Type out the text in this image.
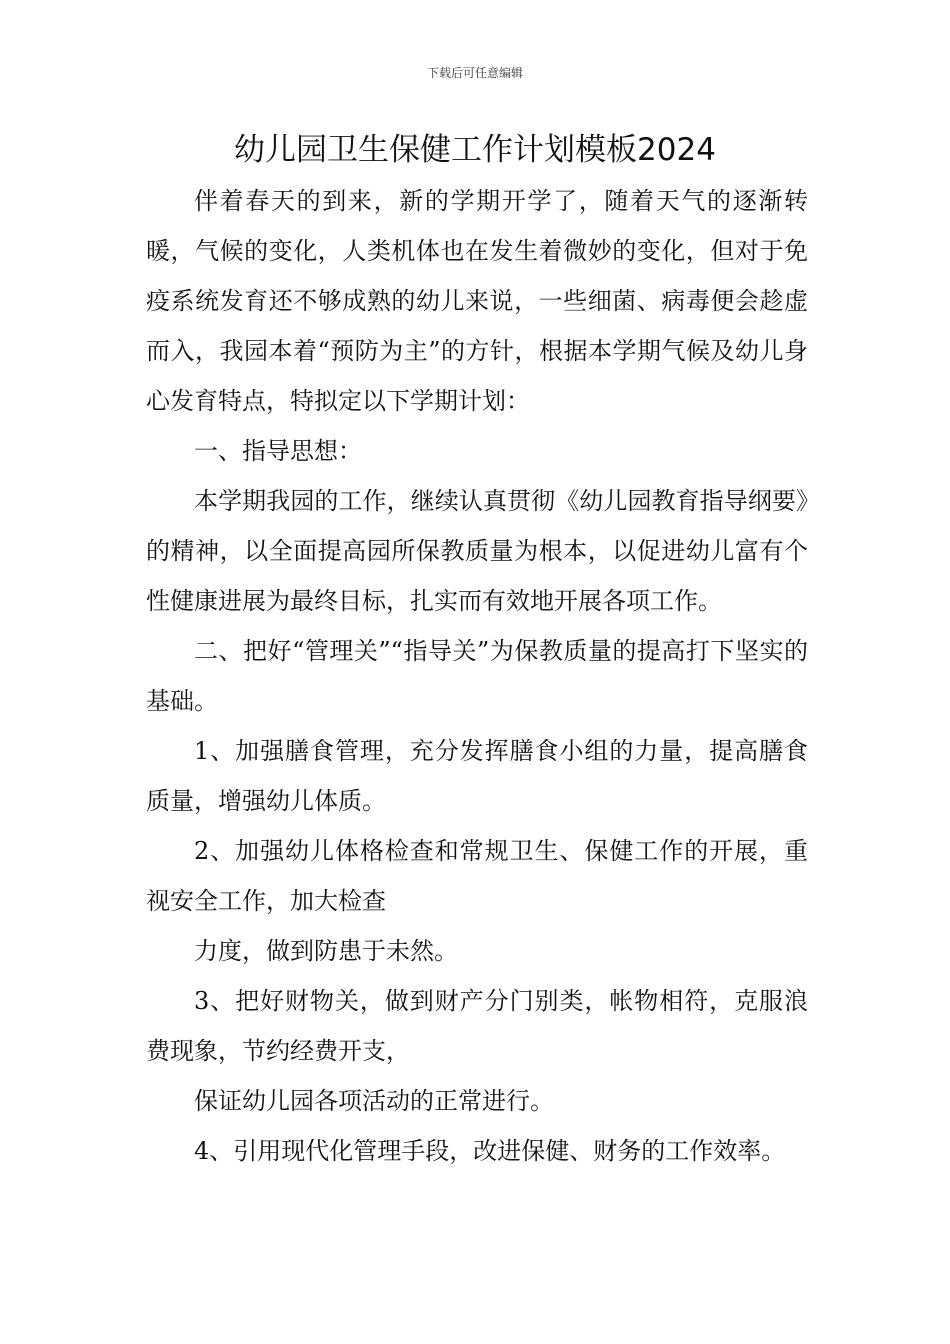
下载后可任意编辑
幼儿园卫生保健工作计划模板2024

伴着春天的到来，新的学期开学了，随着天气的逐渐转暖，气候的变化，人类机体也在发生着微妙的变化，但对于免疫系统发育还不够成熟的幼儿来说，一些细菌、病毒便会趁虚而入，我园本着“预防为主”的方针，根据本学期气候及幼儿身心发育特点，特拟定以下学期计划：

一、指导思想：

本学期我园的工作，继续认真贯彻《幼儿园教育指导纲要》的精神，以全面提高园所保教质量为根本，以促进幼儿富有个性健康进展为最终目标，扎实而有效地开展各项工作。

二、把好“管理关”“指导关”为保教质量的提高打下坚实的基础。

1、加强膳食管理，充分发挥膳食小组的力量，提高膳食质量，增强幼儿体质。

2、加强幼儿体格检查和常规卫生、保健工作的开展，重视安全工作，加大检查

力度，做到防患于未然。

3、把好财物关，做到财产分门别类，帐物相符，克服浪费现象，节约经费开支，

保证幼儿园各项活动的正常进行。

4、引用现代化管理手段，改进保健、财务的工作效率。
